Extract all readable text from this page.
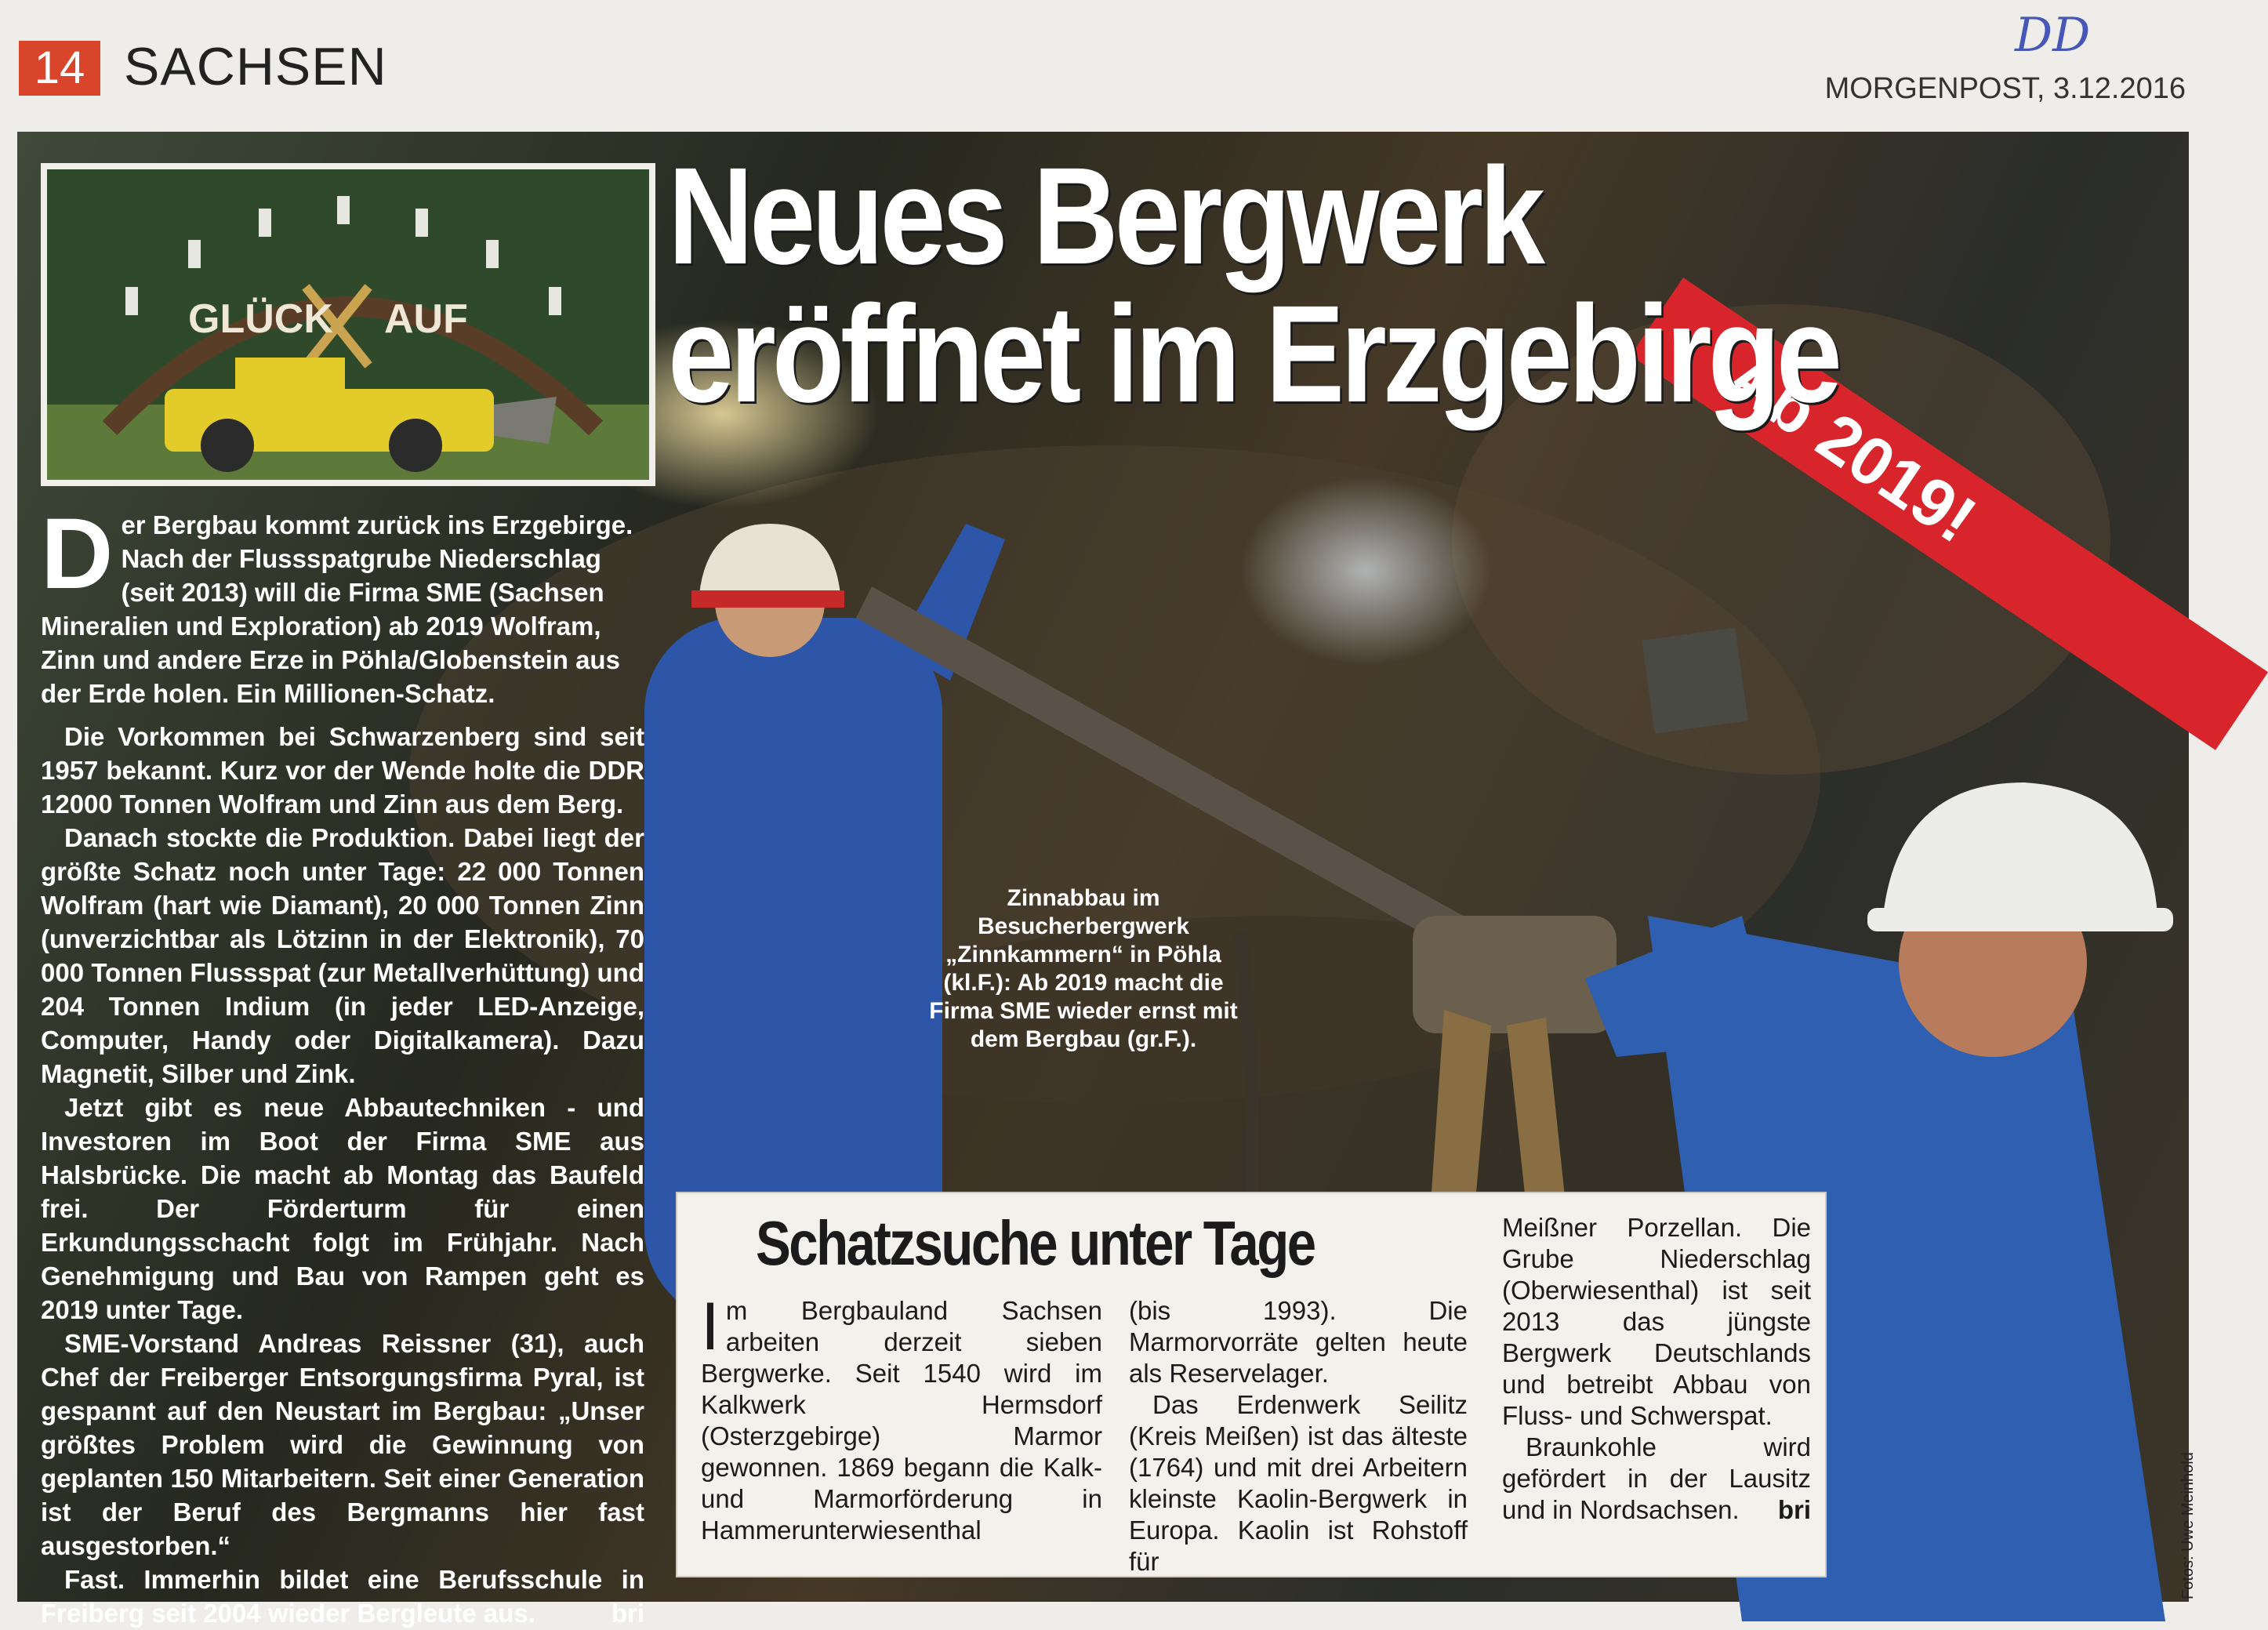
14 SACHSEN
DD
MORGENPOST, 3.12.2016
GLÜCK AUF
Ab 2019!
Neues Bergwerk
eröffnet im Erzgebirge
D er Bergbau kommt zurück ins Erzgebirge. Nach der Flussspatgrube Niederschlag (seit 2013) will die Firma SME (Sachsen Mineralien und Exploration) ab 2019 Wolfram, Zinn und andere Erze in Pöhla/Globenstein aus der Erde holen. Ein Millionen-Schatz.

Die Vorkommen bei Schwarzenberg sind seit 1957 bekannt. Kurz vor der Wende holte die DDR 12000 Tonnen Wolfram und Zinn aus dem Berg.

Danach stockte die Produktion. Dabei liegt der größte Schatz noch unter Tage: 22 000 Tonnen Wolfram (hart wie Diamant), 20 000 Tonnen Zinn (unverzichtbar als Lötzinn in der Elektronik), 70 000 Tonnen Flussspat (zur Metallverhüttung) und 204 Tonnen Indium (in jeder LED-Anzeige, Computer, Handy oder Digitalkamera). Dazu Magnetit, Silber und Zink.

Jetzt gibt es neue Abbautechniken - und Investoren im Boot der Firma SME aus Halsbrücke. Die macht ab Montag das Baufeld frei. Der Förderturm für einen Erkundungsschacht folgt im Frühjahr. Nach Genehmigung und Bau von Rampen geht es 2019 unter Tage.

SME-Vorstand Andreas Reissner (31), auch Chef der Freiberger Entsorgungsfirma Pyral, ist gespannt auf den Neustart im Bergbau: „Unser größtes Problem wird die Gewinnung von geplanten 150 Mitarbeitern. Seit einer Generation ist der Beruf des Bergmanns hier fast ausgestorben.“

Fast. Immerhin bildet eine Berufsschule in Freiberg seit 2004 wieder Bergleute aus.	bri

Zinnabbau im Besucherbergwerk „Zinnkammern“ in Pöhla (kl.F.): Ab 2019 macht die Firma SME wieder ernst mit dem Bergbau (gr.F.).
Schatzsuche unter Tage

Im Bergbauland Sachsen arbeiten derzeit sieben Bergwerke. Seit 1540 wird im Kalkwerk Hermsdorf (Osterzgebirge) Marmor gewonnen. 1869 begann die Kalk- und Marmorförderung in Hammerunterwiesenthal

(bis 1993). Die Marmorvorräte gelten heute als Reservelager.

Das Erdenwerk Seilitz (Kreis Meißen) ist das älteste (1764) und mit drei Arbeitern kleinste Kaolin-Bergwerk in Europa. Kaolin ist Rohstoff für

Meißner Porzellan. Die Grube Niederschlag (Oberwiesenthal) ist seit 2013 das jüngste Bergwerk Deutschlands und betreibt Abbau von Fluss- und Schwerspat.

Braunkohle wird gefördert in der Lausitz und in Nordsachsen.	bri	Fotos: Uwe Meinhold
